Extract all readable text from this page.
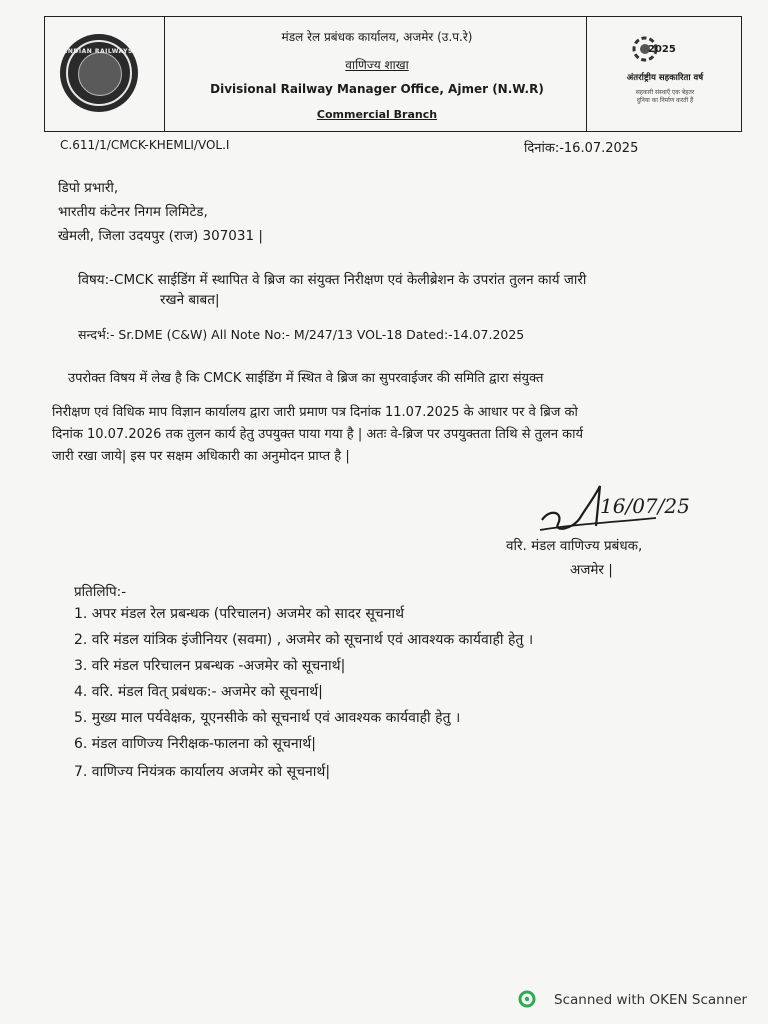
INDIAN RAILWAYS
मंडल रेल प्रबंधक कार्यालय, अजमेर (उ.प.रे)
वाणिज्य शाखा
Divisional Railway Manager Office, Ajmer (N.W.R)
Commercial Branch
2025
अंतर्राष्ट्रीय सहकारिता वर्ष
सहकारी संस्थाएँ एक बेहतर
दुनिया का निर्माण करती हैं
C.611/1/CMCK-KHEMLI/VOL.I	दिनांक:-16.07.2025
डिपो प्रभारी,
भारतीय कंटेनर निगम लिमिटेड,
खेमली, जिला उदयपुर (राज) 307031 |
विषय:-CMCK साईडिंग में स्थापित वे ब्रिज का संयुक्त निरीक्षण एवं केलीब्रेशन के उपरांत तुलन कार्य जारी
रखने बाबत|
सन्दर्भ:- Sr.DME (C&W) All Note No:- M/247/13 VOL-18 Dated:-14.07.2025
उपरोक्त विषय में लेख है कि CMCK साईडिंग में स्थित वे ब्रिज का सुपरवाईजर की समिति द्वारा संयुक्त
निरीक्षण एवं विधिक माप विज्ञान कार्यालय द्वारा जारी प्रमाण पत्र दिनांक 11.07.2025 के आधार पर वे ब्रिज को
दिनांक 10.07.2026 तक तुलन कार्य हेतु उपयुक्त पाया गया है | अतः वे-ब्रिज पर उपयुक्तता तिथि से तुलन कार्य
जारी रखा जाये| इस पर सक्षम अधिकारी का अनुमोदन प्राप्त है |
16/07/25
वरि. मंडल वाणिज्य प्रबंधक,
अजमेर |
प्रतिलिपि:-
1. अपर मंडल रेल प्रबन्धक (परिचालन) अजमेर को सादर सूचनार्थ
2. वरि मंडल यांत्रिक इंजीनियर (सवमा) , अजमेर को सूचनार्थ एवं आवश्यक कार्यवाही हेतु ।
3. वरि मंडल परिचालन प्रबन्धक -अजमेर को सूचनार्थ|
4. वरि. मंडल वित् प्रबंधक:- अजमेर को सूचनार्थ|
5. मुख्य माल पर्यवेक्षक, यूएनसीके को सूचनार्थ एवं आवश्यक कार्यवाही हेतु ।
6. मंडल वाणिज्य निरीक्षक-फालना को सूचनार्थ|
7. वाणिज्य नियंत्रक कार्यालय अजमेर को सूचनार्थ|
Scanned with OKEN Scanner
